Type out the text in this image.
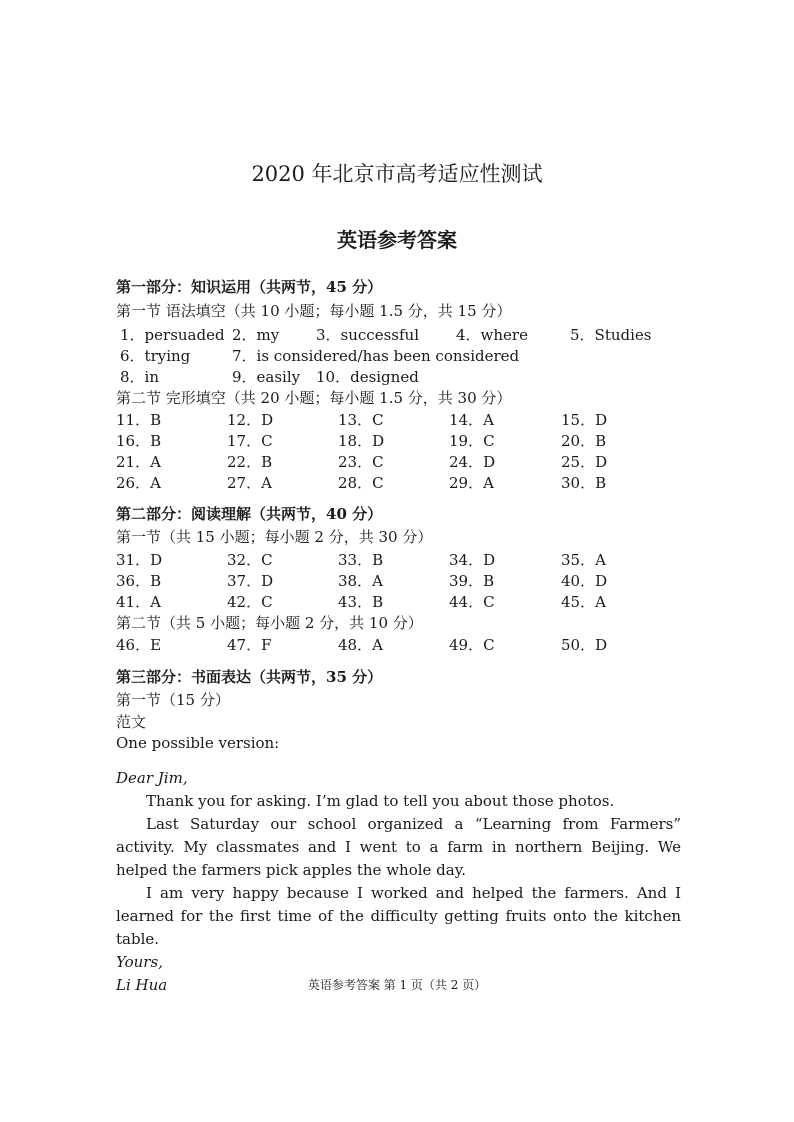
2020 年北京市高考适应性测试
英语参考答案
第一部分：知识运用（共两节，45 分）
第一节 语法填空（共 10 小题；每小题 1.5 分，共 15 分）
1．persuaded 2．my 3．successful 4．where	5．Studies
6．trying	7．is considered/has been considered
8．in	9．easily 10．designed
第二节 完形填空（共 20 小题；每小题 1.5 分，共 30 分）
11．B	12．D	13．C	14．A	15．D
16．B	17．C	18．D	19．C	20．B
21．A	22．B	23．C	24．D	25．D
26．A	27．A	28．C	29．A	30．B
第二部分：阅读理解（共两节，40 分）
第一节（共 15 小题；每小题 2 分，共 30 分）
31．D	32．C	33．B	34．D	35．A
36．B	37．D	38．A	39．B	40．D
41．A	42．C	43．B	44．C	45．A
第二节（共 5 小题；每小题 2 分，共 10 分）
46．E	47．F	48．A	49．C	50．D
第三部分：书面表达（共两节，35 分）
第一节（15 分）
范文
One possible version:

Dear Jim,

Thank you for asking. I’m glad to tell you about those photos.

Last Saturday our school organized a “Learning from Farmers” activity. My classmates and I went to a farm in northern Beijing. We helped the farmers pick apples the whole day.

I am very happy because I worked and helped the farmers. And I learned for the first time of the difficulty getting fruits onto the kitchen table.

Yours,

Li Hua	英语参考答案 第 1 页（共 2 页）
